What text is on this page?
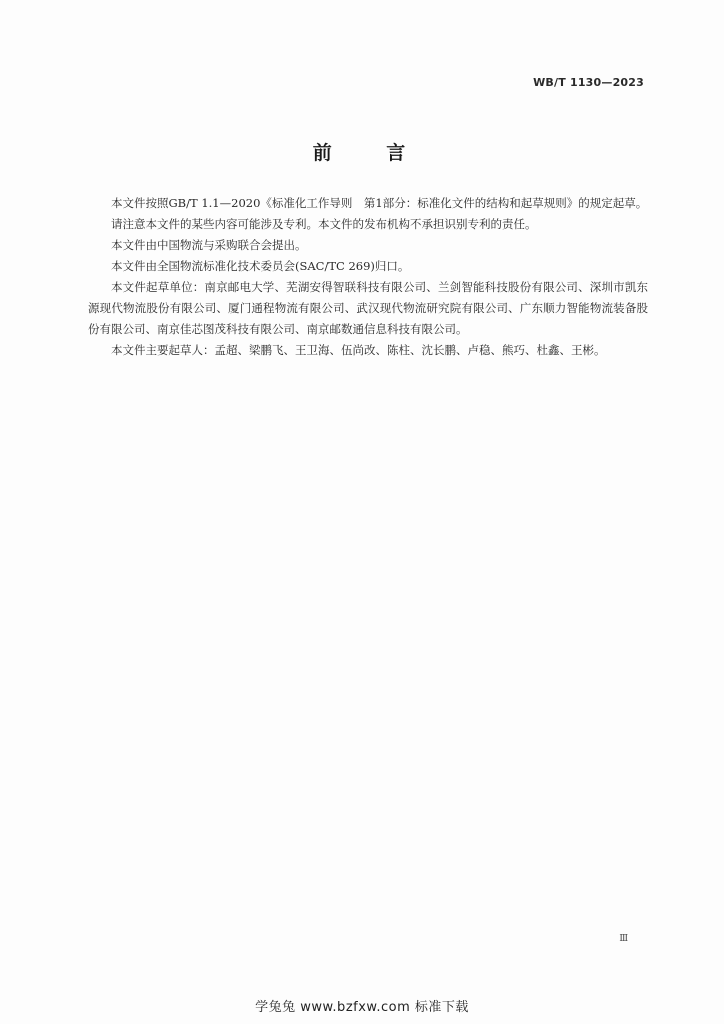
WB/T 1130—2023
前 言

本文件按照GB/T 1.1—2020《标准化工作导则　第1部分：标准化文件的结构和起草规则》的规定起草。

请注意本文件的某些内容可能涉及专利。本文件的发布机构不承担识别专利的责任。

本文件由中国物流与采购联合会提出。

本文件由全国物流标准化技术委员会(SAC/TC 269)归口。

本文件起草单位：南京邮电大学、芜湖安得智联科技有限公司、兰剑智能科技股份有限公司、深圳市凯东源现代物流股份有限公司、厦门通程物流有限公司、武汉现代物流研究院有限公司、广东顺力智能物流装备股份有限公司、南京佳芯图茂科技有限公司、南京邮数通信息科技有限公司。

本文件主要起草人：孟超、梁鹏飞、王卫海、伍尚改、陈柱、沈长鹏、卢稳、熊巧、杜鑫、王彬。

Ⅲ
学兔兔 www.bzfxw.com 标准下载
